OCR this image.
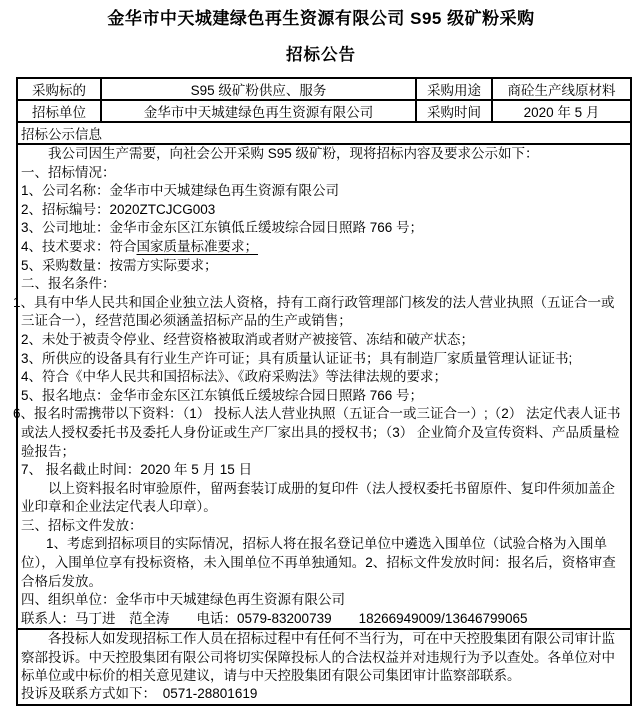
金华市中天城建绿色再生资源有限公司 S95 级矿粉采购
招标公告
采购标的	S95 级矿粉供应、服务	采购用途	商砼生产线原材料
招标单位	金华市中天城建绿色再生资源有限公司	采购时间	2020 年 5 月
招标公示信息			

我公司因生产需要，向社会公开采购 S95 级矿粉，现将招标内容及要求公示如下：

一、招标情况：

1、公司名称：金华市中天城建绿色再生资源有限公司

2、招标编号：2020ZTCJCG003

3、公司地址：金华市金东区江东镇低丘缓坡综合园日照路 766 号；

4、技术要求：符合国家质量标准要求；

5、采购数量：按需方实际要求；

二、报名条件：

1、具有中华人民共和国企业独立法人资格，持有工商行政管理部门核发的法人营业执照（五证合一或三证合一），经营范围必须涵盖招标产品的生产或销售；

2、未处于被责令停业、经营资格被取消或者财产被接管、冻结和破产状态；

3、所供应的设备具有行业生产许可证；具有质量认证证书；具有制造厂家质量管理认证证书;

4、符合《中华人民共和国招标法》、《政府采购法》等法律法规的要求；

5、报名地点：金华市金东区江东镇低丘缓坡综合园日照路 766 号；

6、报名时需携带以下资料：（1） 投标人法人营业执照（五证合一或三证合一）;（2） 法定代表人证书或法人授权委托书及委托人身份证或生产厂家出具的授权书；（3） 企业简介及宣传资料、产品质量检验报告；

7、 报名截止时间：2020 年 5 月 15 日

以上资料报名时审验原件，留两套装订成册的复印件（法人授权委托书留原件、复印件须加盖企业印章和企业法定代表人印章）。

三、招标文件发放：

1、考虑到招标项目的实际情况，招标人将在报名登记单位中遴选入围单位（试验合格为入围单位），入围单位享有投标资格，未入围单位不再单独通知。2、招标文件发放时间：报名后，资格审查合格后发放。

四、组织单位：金华市中天城建绿色再生资源有限公司

联系人：马丁进　范全涛　　电话：0579-83200739　　18266949009/13646799065

各投标人如发现招标工作人员在招标过程中有任何不当行为，可在中天控股集团有限公司审计监察部投诉。中天控股集团有限公司将切实保障投标人的合法权益并对违规行为予以查处。各单位对中标单位或中标价的相关意见建议，请与中天控股集团有限公司集团审计监察部联系。

投诉及联系方式如下：　0571-28801619			
